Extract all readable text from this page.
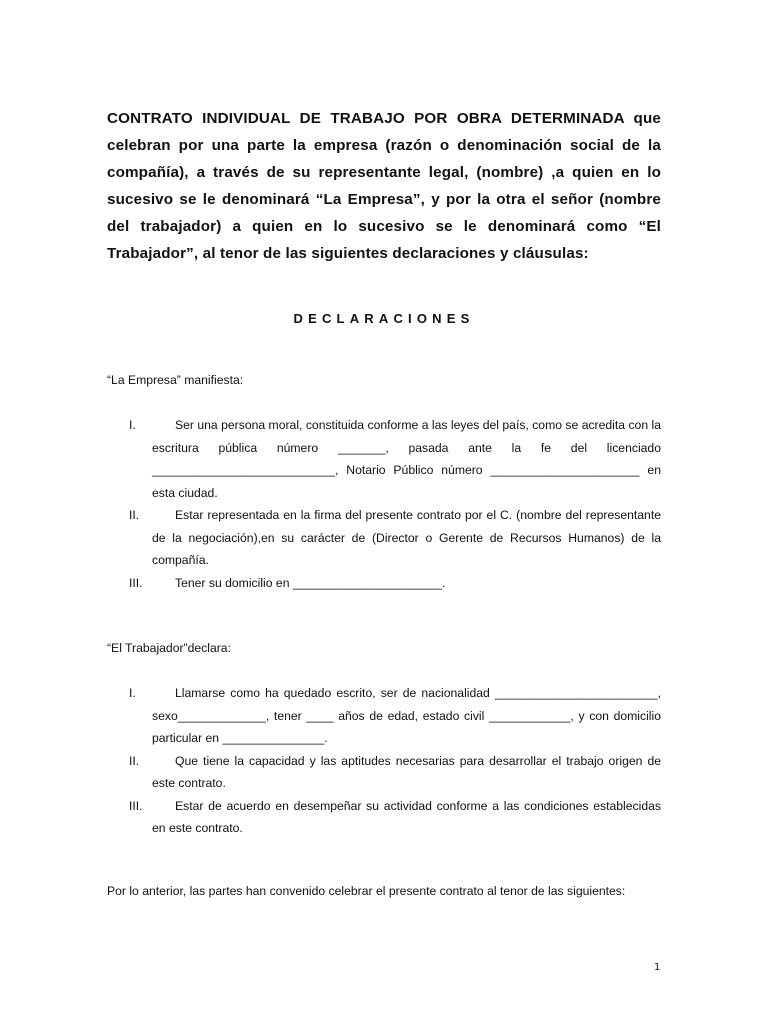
CONTRATO INDIVIDUAL DE TRABAJO POR OBRA DETERMINADA que celebran por una parte la empresa (razón o denominación social de la compañía), a través de su representante legal, (nombre) ,a quien en lo sucesivo se le denominará “La Empresa”, y por la otra el señor (nombre del trabajador) a quien en lo sucesivo se le denominará como “El Trabajador”, al tenor de las siguientes declaraciones y cláusulas:

DECLARACIONES

“La Empresa” manifiesta:

I.	Ser una persona moral, constituida conforme a las leyes del país, como se acredita con la escritura pública número _______, pasada ante la fe del licenciado ___________________________, Notario Público número ______________________ en esta ciudad.
II.	Estar representada en la firma del presente contrato por el C. (nombre del representante de la negociación),en su carácter de (Director o Gerente de Recursos Humanos) de la compañía.
III.	Tener su domicilio en ______________________.

“El Trabajador”declara:

I.	Llamarse como ha quedado escrito, ser de nacionalidad ________________________, sexo_____________, tener ____ años de edad, estado civil ____________, y con domicilio particular en _______________.
II.	Que tiene la capacidad y las aptitudes necesarias para desarrollar el trabajo origen de este contrato.
III.	Estar de acuerdo en desempeñar su actividad conforme a las condiciones establecidas en este contrato.

Por lo anterior, las partes han convenido celebrar el presente contrato al tenor de las siguientes:

1
